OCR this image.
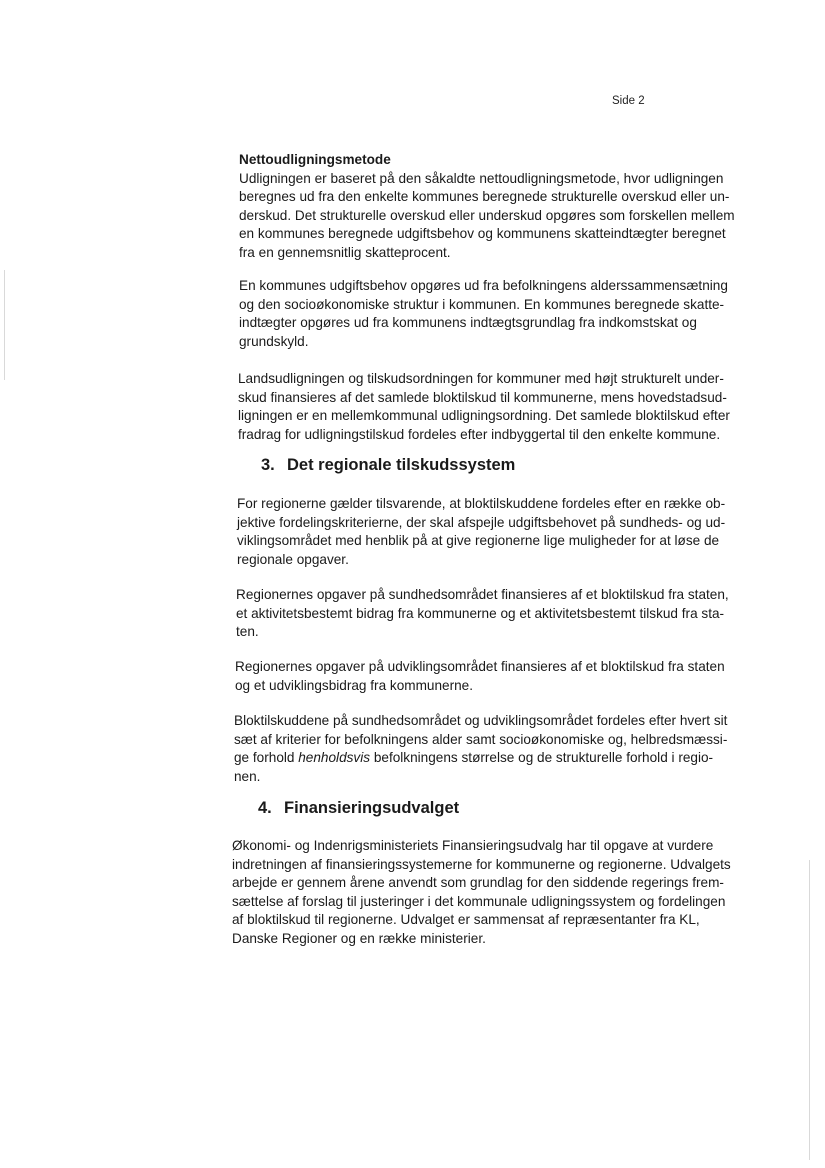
Side 2

Nettoudligningsmetode

Udligningen er baseret på den såkaldte nettoudligningsmetode, hvor udligningen

beregnes ud fra den enkelte kommunes beregnede strukturelle overskud eller un-

derskud. Det strukturelle overskud eller underskud opgøres som forskellen mellem

en kommunes beregnede udgiftsbehov og kommunens skatteindtægter beregnet

fra en gennemsnitlig skatteprocent.

En kommunes udgiftsbehov opgøres ud fra befolkningens alderssammensætning

og den socioøkonomiske struktur i kommunen. En kommunes beregnede skatte-

indtægter opgøres ud fra kommunens indtægtsgrundlag fra indkomstskat og

grundskyld.

Landsudligningen og tilskudsordningen for kommuner med højt strukturelt under-

skud finansieres af det samlede bloktilskud til kommunerne, mens hovedstadsud-

ligningen er en mellemkommunal udligningsordning. Det samlede bloktilskud efter

fradrag for udligningstilskud fordeles efter indbyggertal til den enkelte kommune.

3. Det regionale tilskudssystem

For regionerne gælder tilsvarende, at bloktilskuddene fordeles efter en række ob-

jektive fordelingskriterierne, der skal afspejle udgiftsbehovet på sundheds- og ud-

viklingsområdet med henblik på at give regionerne lige muligheder for at løse de

regionale opgaver.

Regionernes opgaver på sundhedsområdet finansieres af et bloktilskud fra staten,

et aktivitetsbestemt bidrag fra kommunerne og et aktivitetsbestemt tilskud fra sta-

ten.

Regionernes opgaver på udviklingsområdet finansieres af et bloktilskud fra staten

og et udviklingsbidrag fra kommunerne.

Bloktilskuddene på sundhedsområdet og udviklingsområdet fordeles efter hvert sit

sæt af kriterier for befolkningens alder samt socioøkonomiske og, helbredsmæssi-

ge forhold henholdsvis befolkningens størrelse og de strukturelle forhold i regio-

nen.

4. Finansieringsudvalget

Økonomi- og Indenrigsministeriets Finansieringsudvalg har til opgave at vurdere

indretningen af finansieringssystemerne for kommunerne og regionerne. Udvalgets

arbejde er gennem årene anvendt som grundlag for den siddende regerings frem-

sættelse af forslag til justeringer i det kommunale udligningssystem og fordelingen

af bloktilskud til regionerne. Udvalget er sammensat af repræsentanter fra KL,

Danske Regioner og en række ministerier.
